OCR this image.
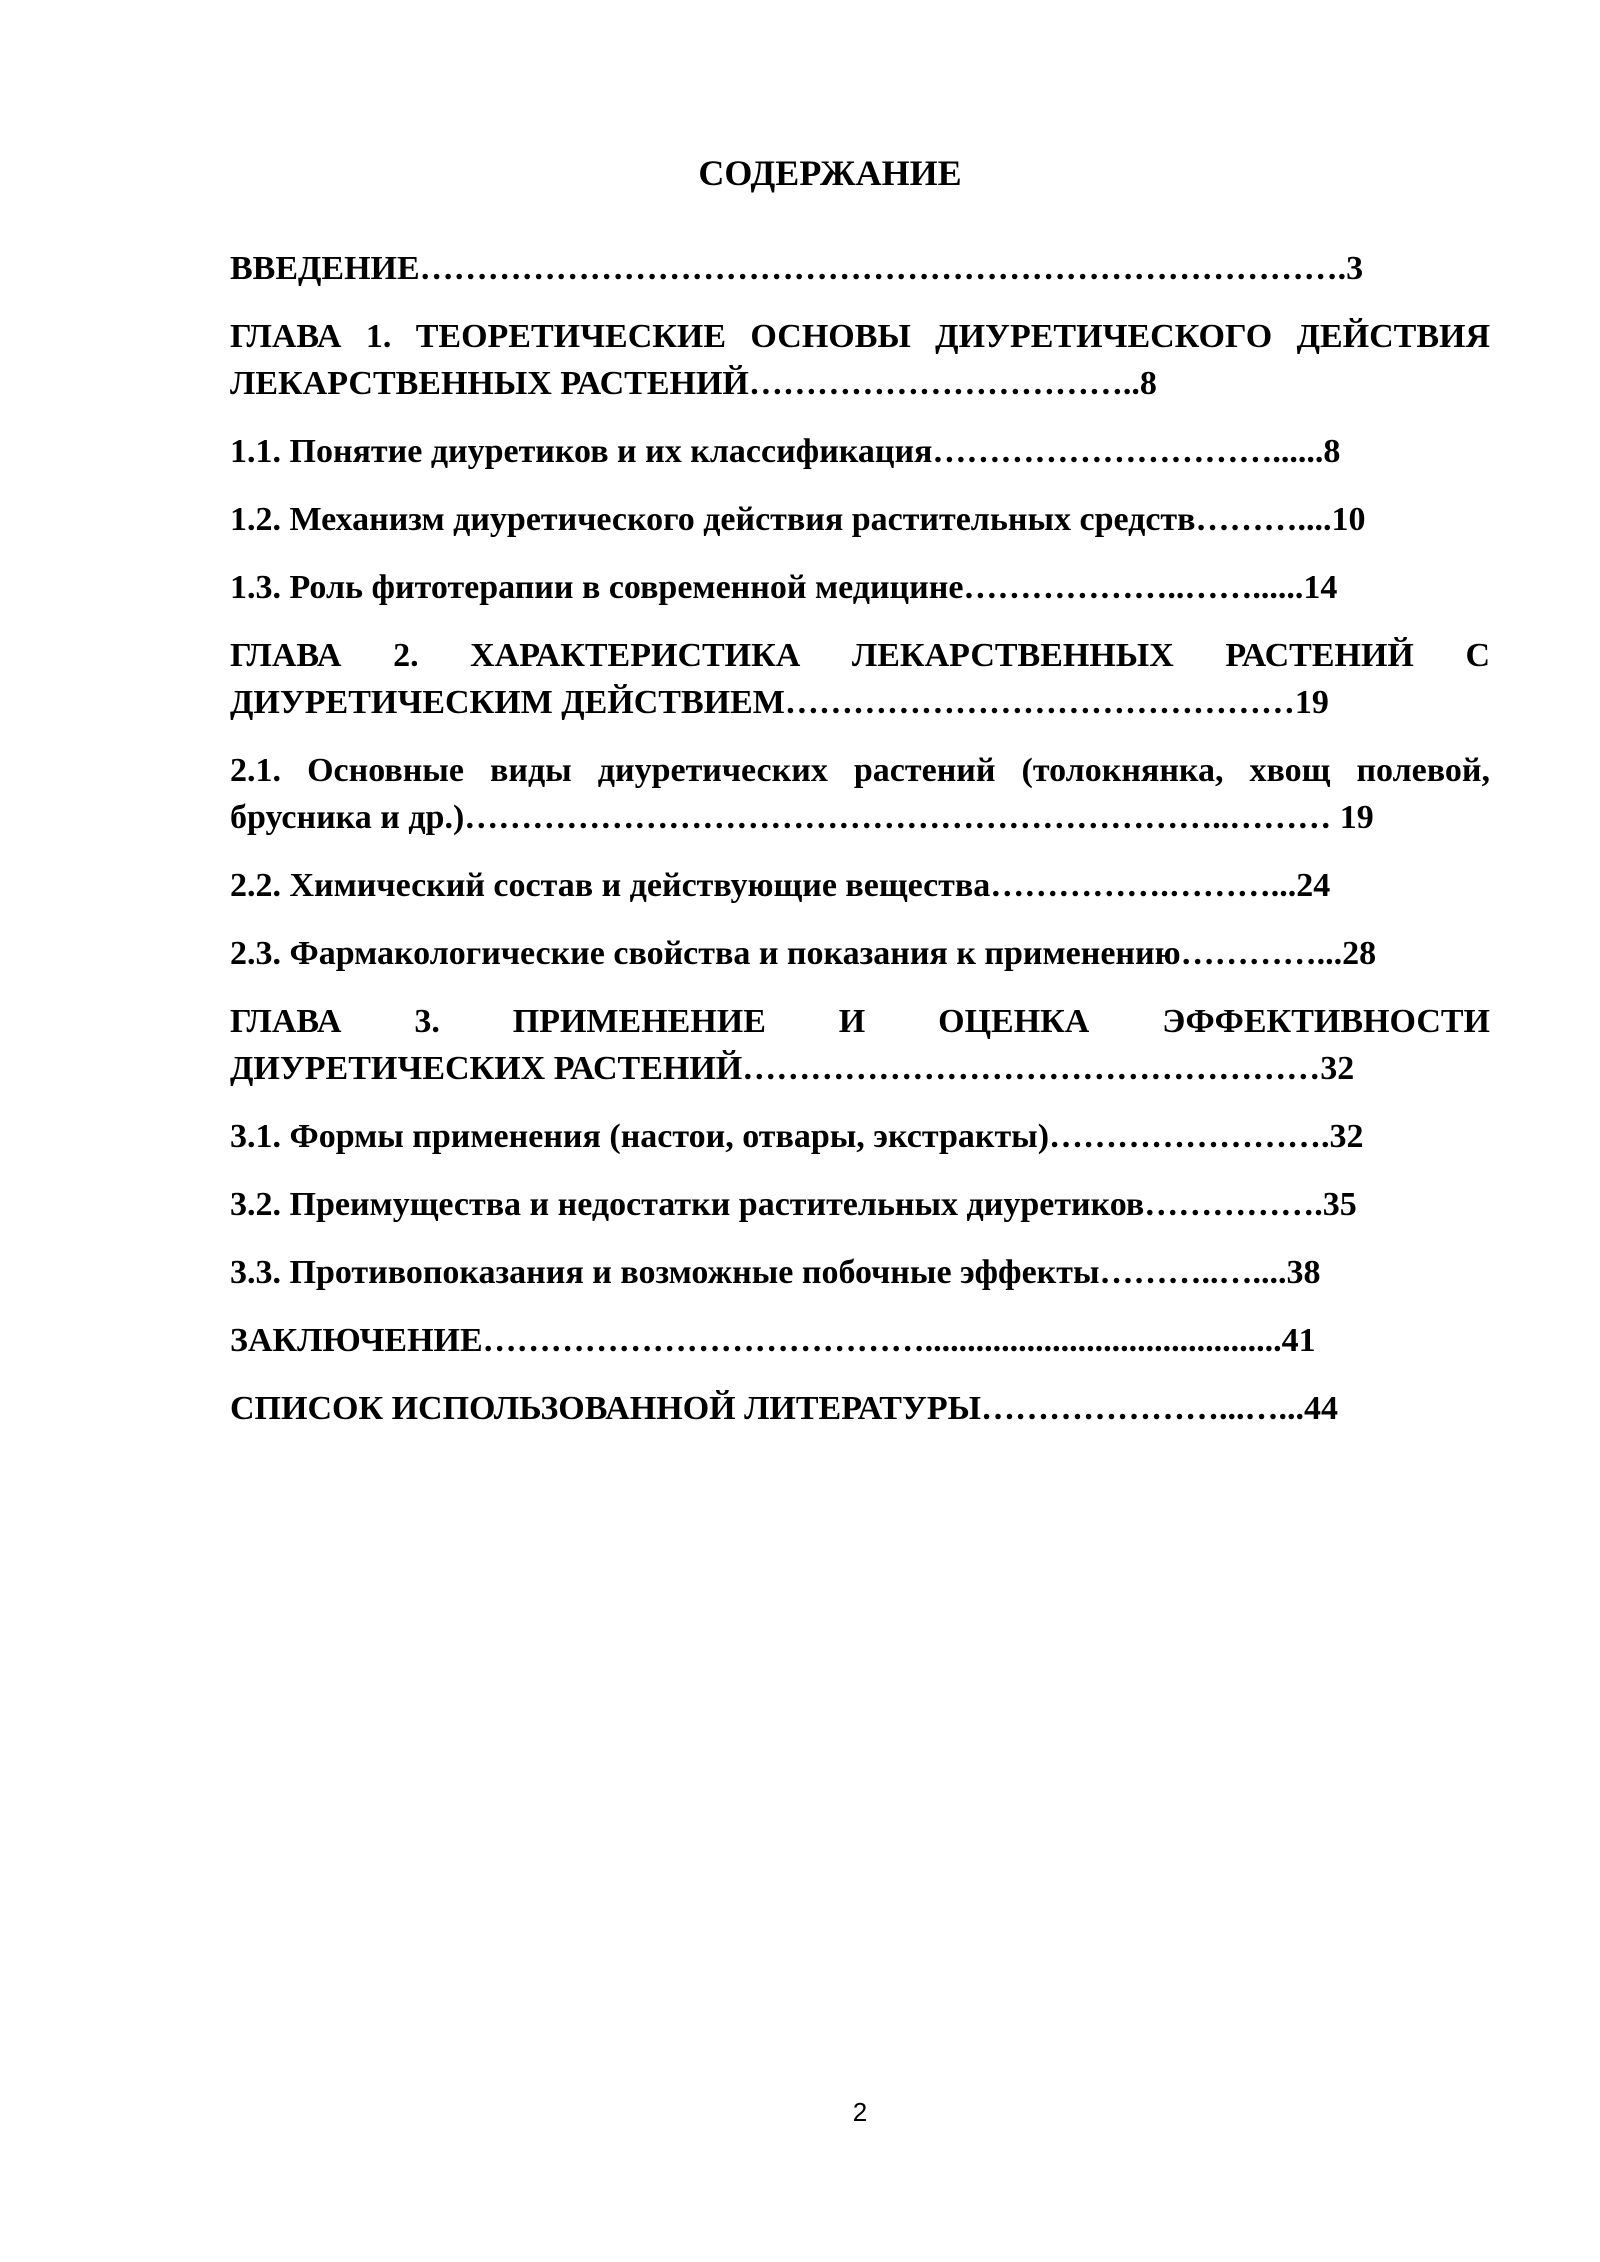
СОДЕРЖАНИЕ

ВВЕДЕНИЕ……………………………………………………………………….3

ГЛАВА 1. ТЕОРЕТИЧЕСКИЕ ОСНОВЫ ДИУРЕТИЧЕСКОГО ДЕЙСТВИЯ ЛЕКАРСТВЕННЫХ РАСТЕНИЙ……………………………..8

1.1. Понятие диуретиков и их классификация…………………………......8

1.2. Механизм диуретического действия растительных средств………....10

1.3. Роль фитотерапии в современной медицине………………..……......14

ГЛАВА 2. ХАРАКТЕРИСТИКА ЛЕКАРСТВЕННЫХ РАСТЕНИЙ С ДИУРЕТИЧЕСКИМ ДЕЙСТВИЕМ………………………………………19

2.1. Основные виды диуретических растений (толокнянка, хвощ полевой, брусника и др.)…………………………………………………………..……… 19

2.2. Химический состав и действующие вещества…………….………...24

2.3. Фармакологические свойства и показания к применению…………...28

ГЛАВА 3. ПРИМЕНЕНИЕ И ОЦЕНКА ЭФФЕКТИВНОСТИ ДИУРЕТИЧЕСКИХ РАСТЕНИЙ……………………………………………32

3.1. Формы применения (настои, отвары, экстракты)…………………….32

3.2. Преимущества и недостатки растительных диуретиков…………….35

3.3. Противопоказания и возможные побочные эффекты………..…....38

ЗАКЛЮЧЕНИЕ…………………………………..........................................41

СПИСОК ИСПОЛЬЗОВАННОЙ ЛИТЕРАТУРЫ…………………...…...44

2
